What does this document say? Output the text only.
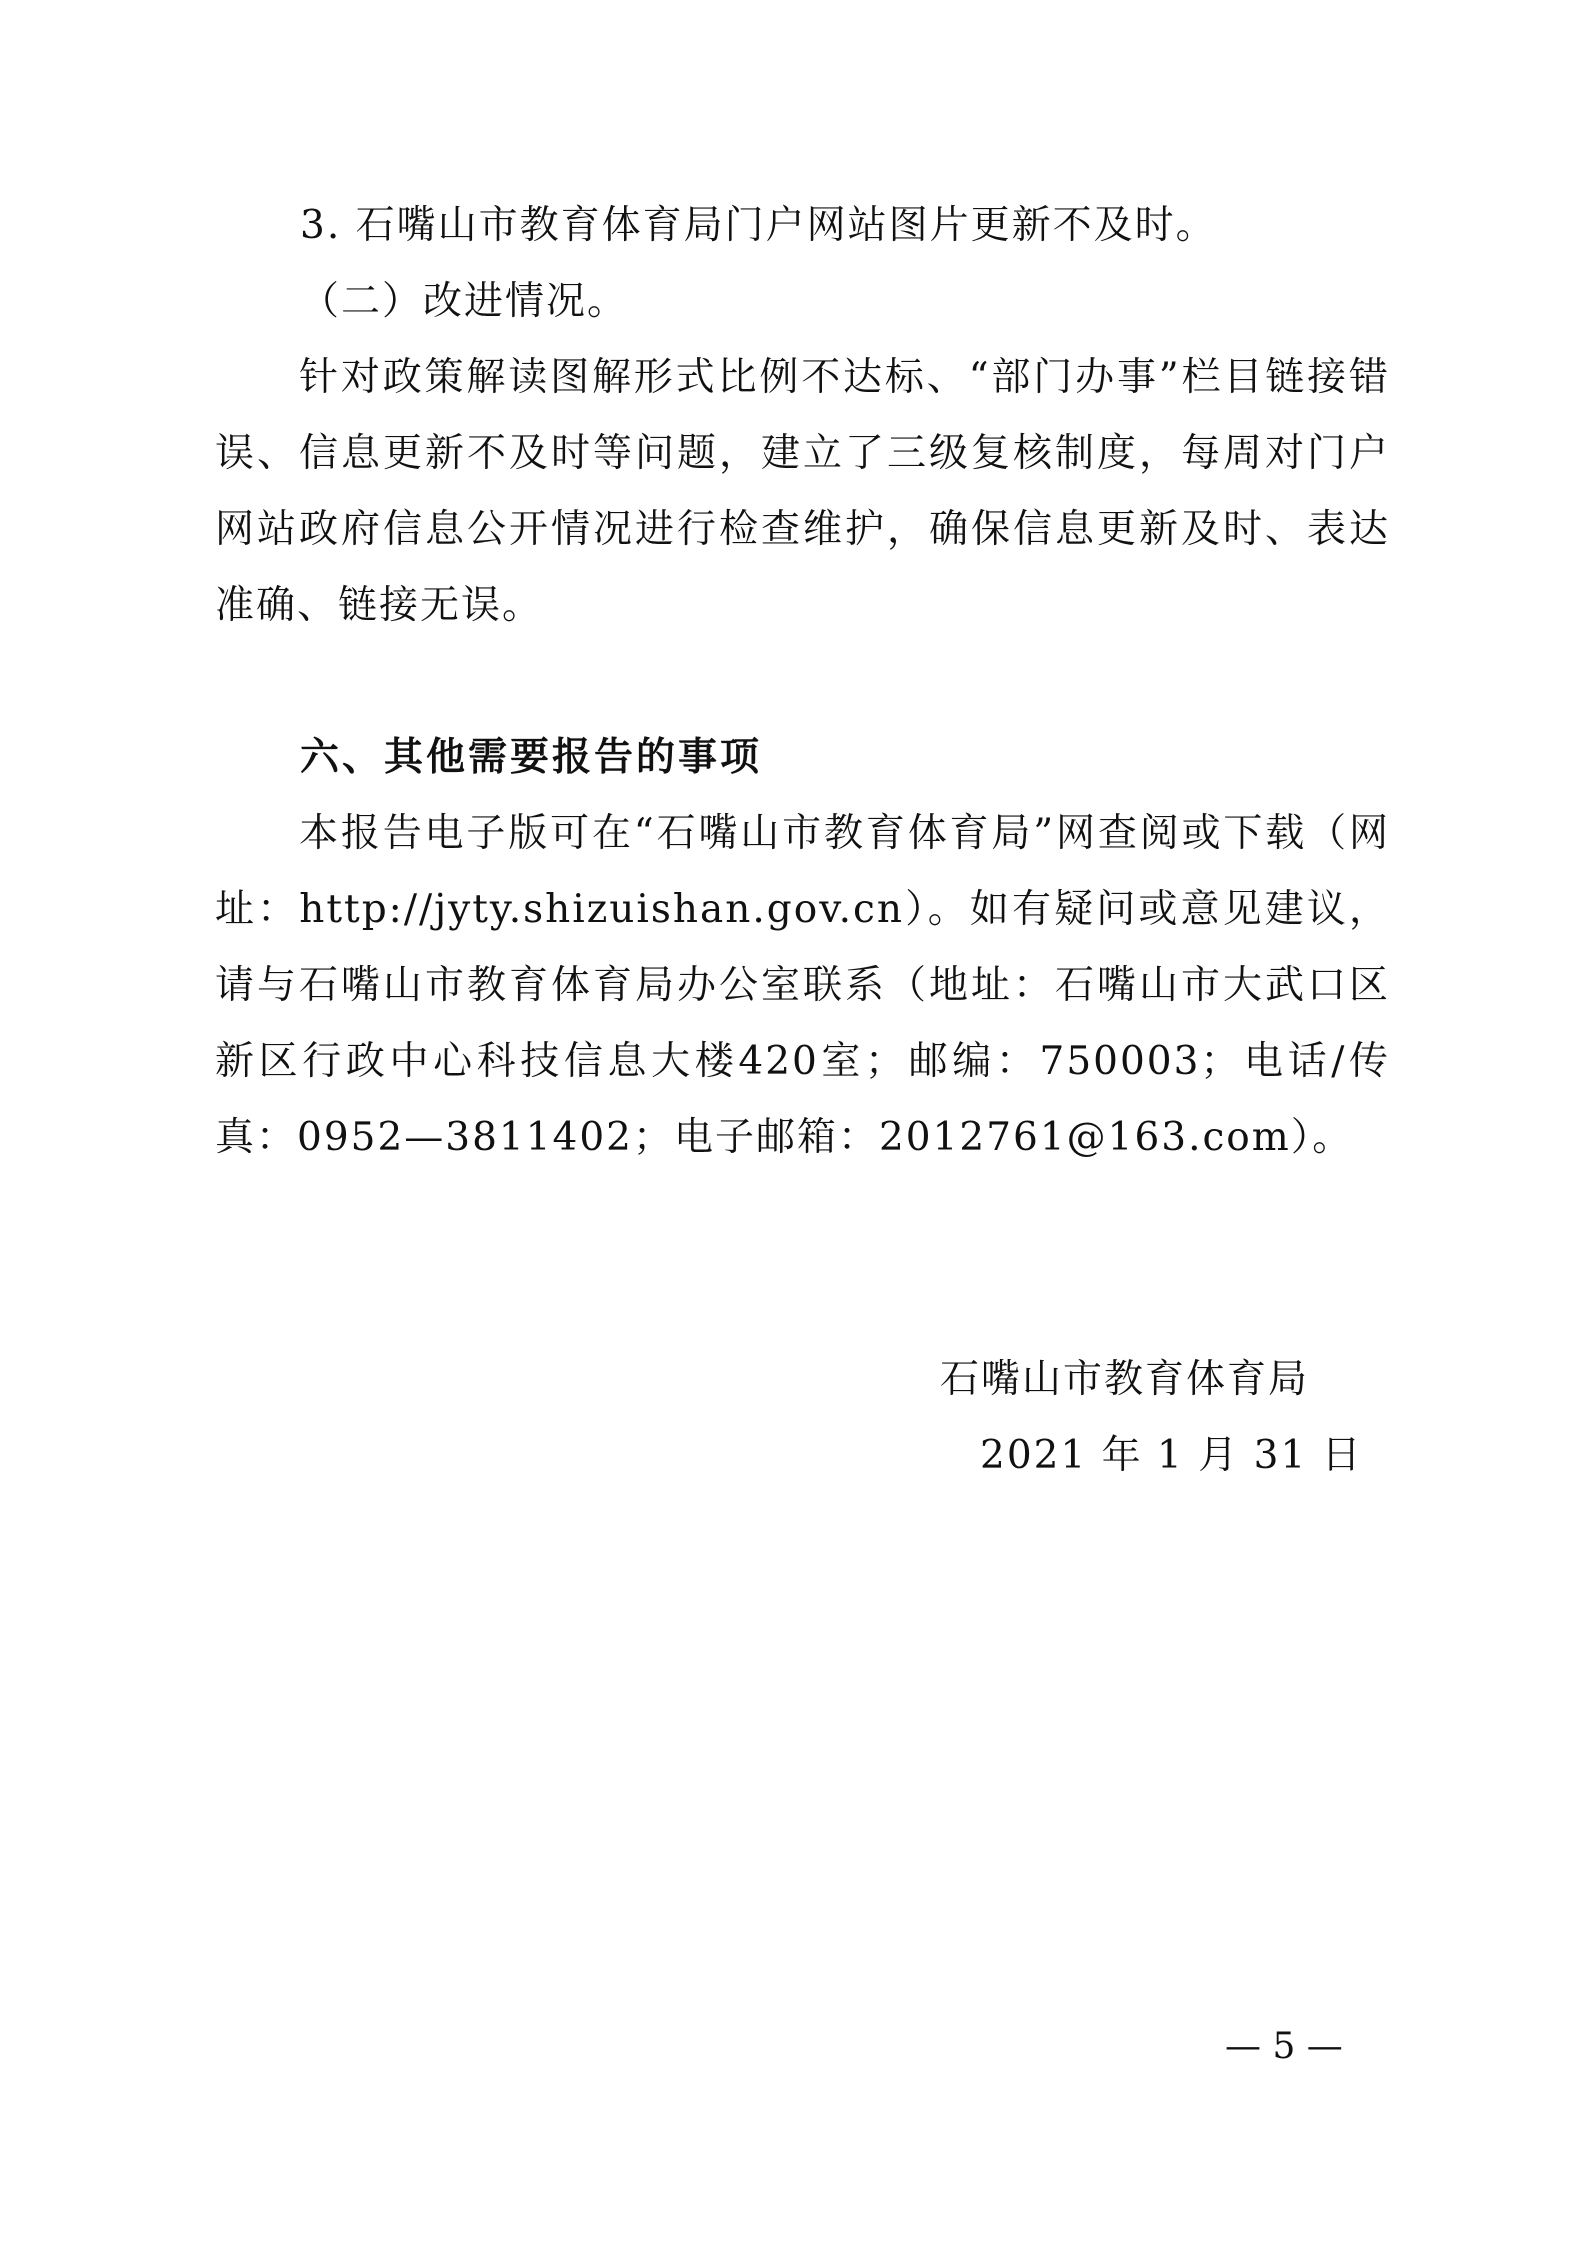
3. 石嘴山市教育体育局门户网站图片更新不及时。
（二）改进情况。
针对政策解读图解形式比例不达标、“部门办事”栏目链接错误、信息更新不及时等问题，建立了三级复核制度，每周对门户网站政府信息公开情况进行检查维护，确保信息更新及时、表达准确、链接无误。
六、其他需要报告的事项
本报告电子版可在“石嘴山市教育体育局”网查阅或下载（网址：http://jyty.shizuishan.gov.cn）。如有疑问或意见建议，请与石嘴山市教育体育局办公室联系（地址：石嘴山市大武口区新区行政中心科技信息大楼420室；邮编：750003；电话/传真：0952—3811402；电子邮箱：2012761@163.com）。
石嘴山市教育体育局
2021 年 1 月 31 日
— 5 —
